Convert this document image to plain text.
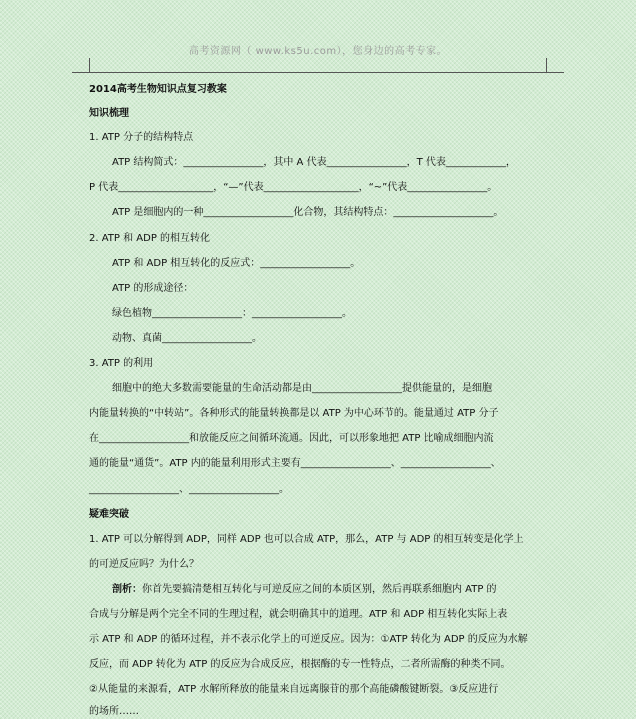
高考资源网（ www.ks5u.com），您身边的高考专家。
2014高考生物知识点复习教案
知识梳理
1. ATP 分子的结构特点
ATP 结构简式：________________，其中 A 代表________________，T 代表____________，
P 代表___________________，“—”代表___________________，“~”代表________________。
ATP 是细胞内的一种__________________化合物，其结构特点：____________________。
2. ATP 和 ADP 的相互转化
ATP 和 ADP 相互转化的反应式：__________________。
ATP 的形成途径：
绿色植物__________________：__________________。
动物、真菌__________________。
3. ATP 的利用
细胞中的绝大多数需要能量的生命活动都是由__________________提供能量的，是细胞
内能量转换的“中转站”。各种形式的能量转换都是以 ATP 为中心环节的。能量通过 ATP 分子
在__________________和放能反应之间循环流通。因此，可以形象地把 ATP 比喻成细胞内流
通的能量“通货”。ATP 内的能量利用形式主要有__________________、__________________、
__________________、__________________。
疑难突破
1. ATP 可以分解得到 ADP，同样 ADP 也可以合成 ATP，那么，ATP 与 ADP 的相互转变是化学上
的可逆反应吗？为什么？
剖析：你首先要搞清楚相互转化与可逆反应之间的本质区别，然后再联系细胞内 ATP 的
合成与分解是两个完全不同的生理过程，就会明确其中的道理。ATP 和 ADP 相互转化实际上表
示 ATP 和 ADP 的循环过程，并不表示化学上的可逆反应。因为：①ATP 转化为 ADP 的反应为水解
反应，而 ADP 转化为 ATP 的反应为合成反应，根据酶的专一性特点，二者所需酶的种类不同。
②从能量的来源看，ATP 水解所释放的能量来自远离腺苷的那个高能磷酸键断裂。③反应进行
的场所……
